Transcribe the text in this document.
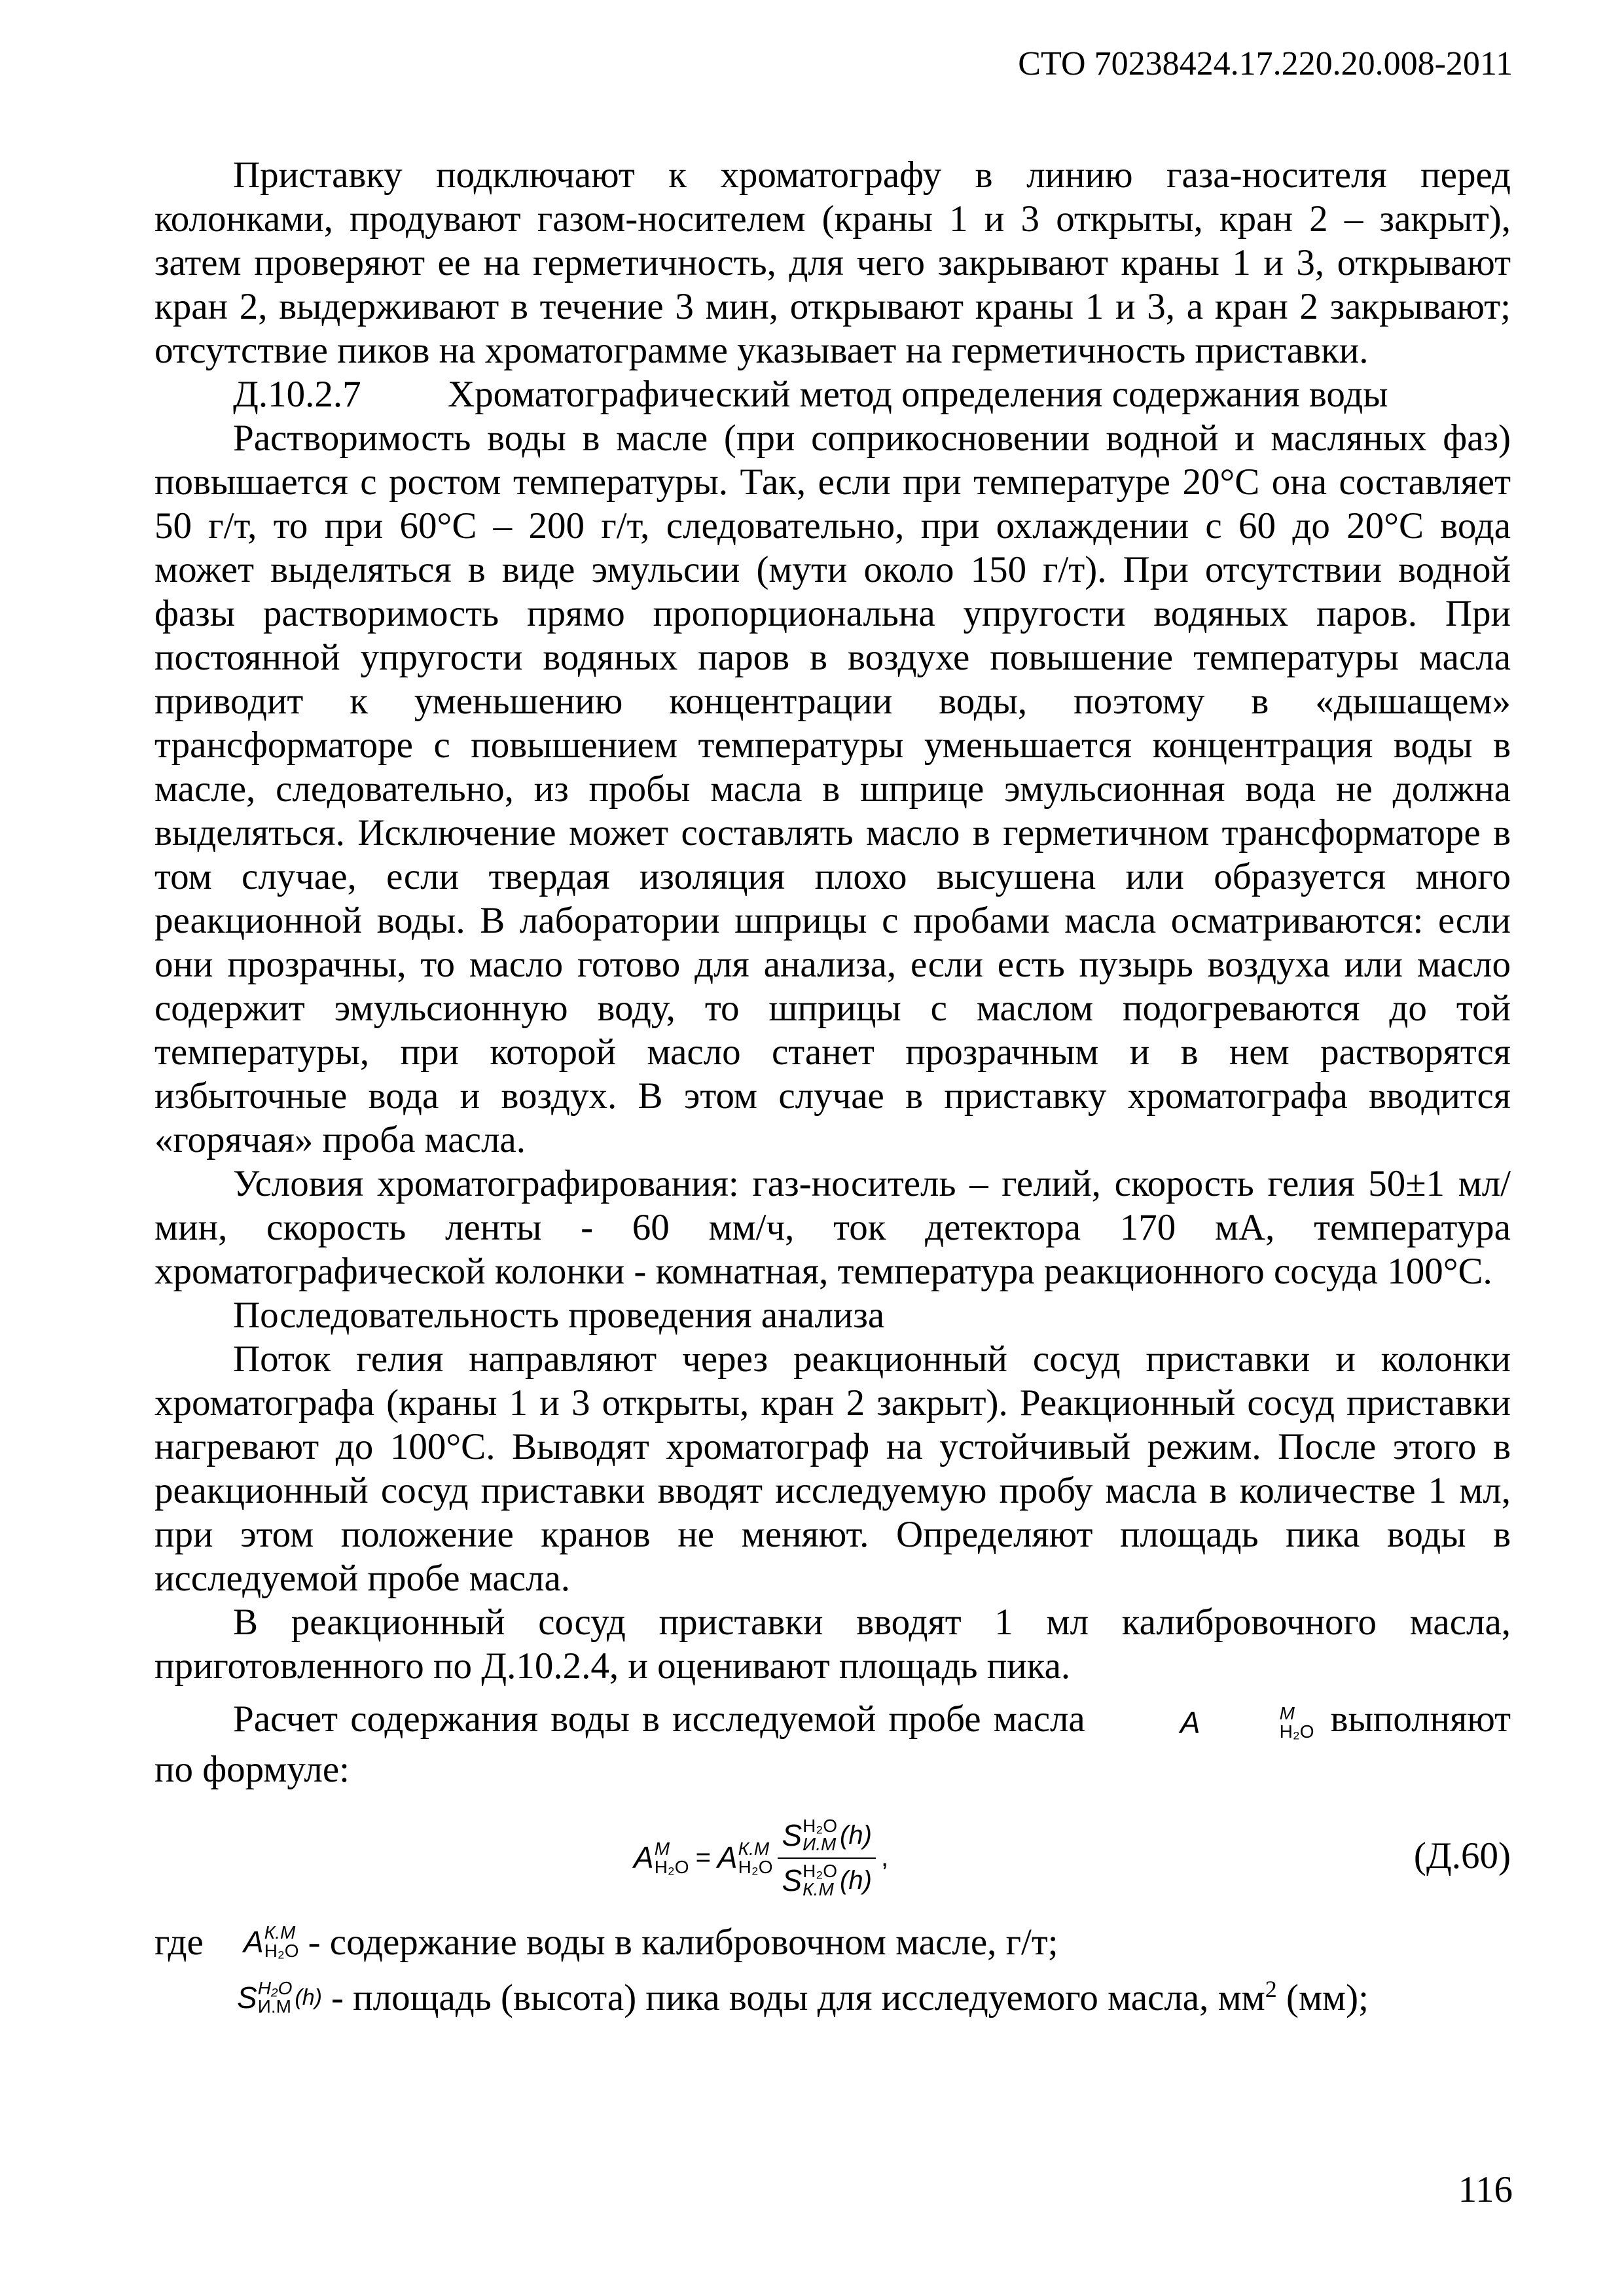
СТО 70238424.17.220.20.008-2011

Приставку подключают к хроматографу в линию газа-носителя перед колонками, продувают газом-носителем (краны 1 и 3 открыты, кран 2 – закрыт), затем проверяют ее на герметичность, для чего закрывают краны 1 и 3, открывают кран 2, выдерживают в течение 3 мин, открывают краны 1 и 3, а кран 2 закрывают; отсутствие пиков на хроматограмме указывает на герметичность приставки.

Д.10.2.7 Хроматографический метод определения содержания воды

Растворимость воды в масле (при соприкосновении водной и масляных фаз) повышается с ростом температуры. Так, если при температуре 20°С она составляет 50 г/т, то при 60°С – 200 г/т, следовательно, при охлаждении с 60 до 20°С вода может выделяться в виде эмульсии (мути около 150 г/т). При отсутствии водной фазы растворимость прямо пропорциональна упругости водяных паров. При постоянной упругости водяных паров в воздухе повышение температуры масла приводит к уменьшению концентрации воды, поэтому в «дышащем» трансформаторе с повышением температуры уменьшается концентрация воды в масле, следовательно, из пробы масла в шприце эмульсионная вода не должна выделяться. Исключение может составлять масло в герметичном трансформаторе в том случае, если твердая изоляция плохо высушена или образуется много реакционной воды. В лаборатории шприцы с пробами масла осматриваются: если они прозрачны, то масло готово для анализа, если есть пузырь воздуха или масло содержит эмульсионную воду, то шприцы с маслом подогреваются до той температуры, при которой масло станет прозрачным и в нем растворятся избыточные вода и воздух. В этом случае в приставку хроматографа вводится «горячая» проба масла.

Условия хроматографирования: газ-носитель – гелий, скорость гелия 50±1 мл/мин, скорость ленты - 60 мм/ч, ток детектора 170 мА, температура хроматографической колонки - комнатная, температура реакционного сосуда 100°С.

Последовательность проведения анализа

Поток гелия направляют через реакционный сосуд приставки и колонки хроматографа (краны 1 и 3 открыты, кран 2 закрыт). Реакционный сосуд приставки нагревают до 100°С. Выводят хроматограф на устойчивый режим. После этого в реакционный сосуд приставки вводят исследуемую пробу масла в количестве 1 мл, при этом положение кранов не меняют. Определяют площадь пика воды в исследуемой пробе масла.

В реакционный сосуд приставки вводят 1 мл калибровочного масла, приготовленного по Д.10.2.4, и оценивают площадь пика.

Расчет содержания воды в исследуемой пробе масла	A	M
H₂O выполняют по формуле:

A M
H₂O = A К.М
H₂O S H₂O
И.М (h)
S H₂O
К.М (h) ,	(Д.60)

где	A К.М
H₂O - содержание воды в калибровочном масле, г/т;

S H₂O
И.М (h) - площадь (высота) пика воды для исследуемого масла, $мм^2$ (мм);

116
